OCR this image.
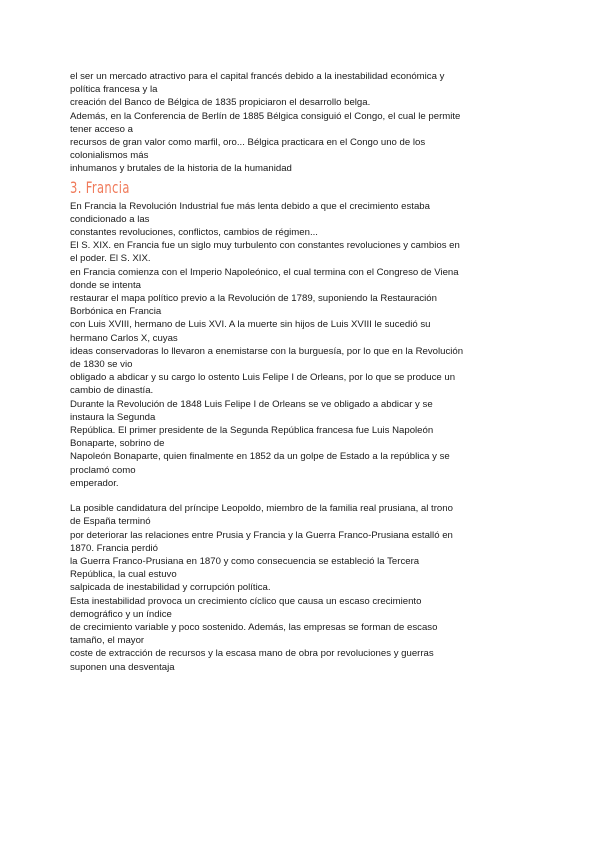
el ser un mercado atractivo para el capital francés debido a la inestabilidad económica y
política francesa y la
creación del Banco de Bélgica de 1835 propiciaron el desarrollo belga.
Además, en la Conferencia de Berlín de 1885 Bélgica consiguió el Congo, el cual le permite
tener acceso a
recursos de gran valor como marfil, oro... Bélgica practicara en el Congo uno de los
colonialismos más
inhumanos y brutales de la historia de la humanidad
3. Francia
En Francia la Revolución Industrial fue más lenta debido a que el crecimiento estaba
condicionado a las
constantes revoluciones, conflictos, cambios de régimen...
El S. XIX. en Francia fue un siglo muy turbulento con constantes revoluciones y cambios en
el poder. El S. XIX.
en Francia comienza con el Imperio Napoleónico, el cual termina con el Congreso de Viena
donde se intenta
restaurar el mapa político previo a la Revolución de 1789, suponiendo la Restauración
Borbónica en Francia
con Luis XVIII, hermano de Luis XVI. A la muerte sin hijos de Luis XVIII le sucedió su
hermano Carlos X, cuyas
ideas conservadoras lo llevaron a enemistarse con la burguesía, por lo que en la Revolución
de 1830 se vio
obligado a abdicar y su cargo lo ostento Luis Felipe I de Orleans, por lo que se produce un
cambio de dinastía.
Durante la Revolución de 1848 Luis Felipe I de Orleans se ve obligado a abdicar y se
instaura la Segunda
República. El primer presidente de la Segunda República francesa fue Luis Napoleón
Bonaparte, sobrino de
Napoleón Bonaparte, quien finalmente en 1852 da un golpe de Estado a la república y se
proclamó como
emperador.
La posible candidatura del príncipe Leopoldo, miembro de la familia real prusiana, al trono
de España terminó
por deteriorar las relaciones entre Prusia y Francia y la Guerra Franco-Prusiana estalló en
1870. Francia perdió
la Guerra Franco-Prusiana en 1870 y como consecuencia se estableció la Tercera
República, la cual estuvo
salpicada de inestabilidad y corrupción política.
Esta inestabilidad provoca un crecimiento cíclico que causa un escaso crecimiento
demográfico y un índice
de crecimiento variable y poco sostenido. Además, las empresas se forman de escaso
tamaño, el mayor
coste de extracción de recursos y la escasa mano de obra por revoluciones y guerras
suponen una desventaja
